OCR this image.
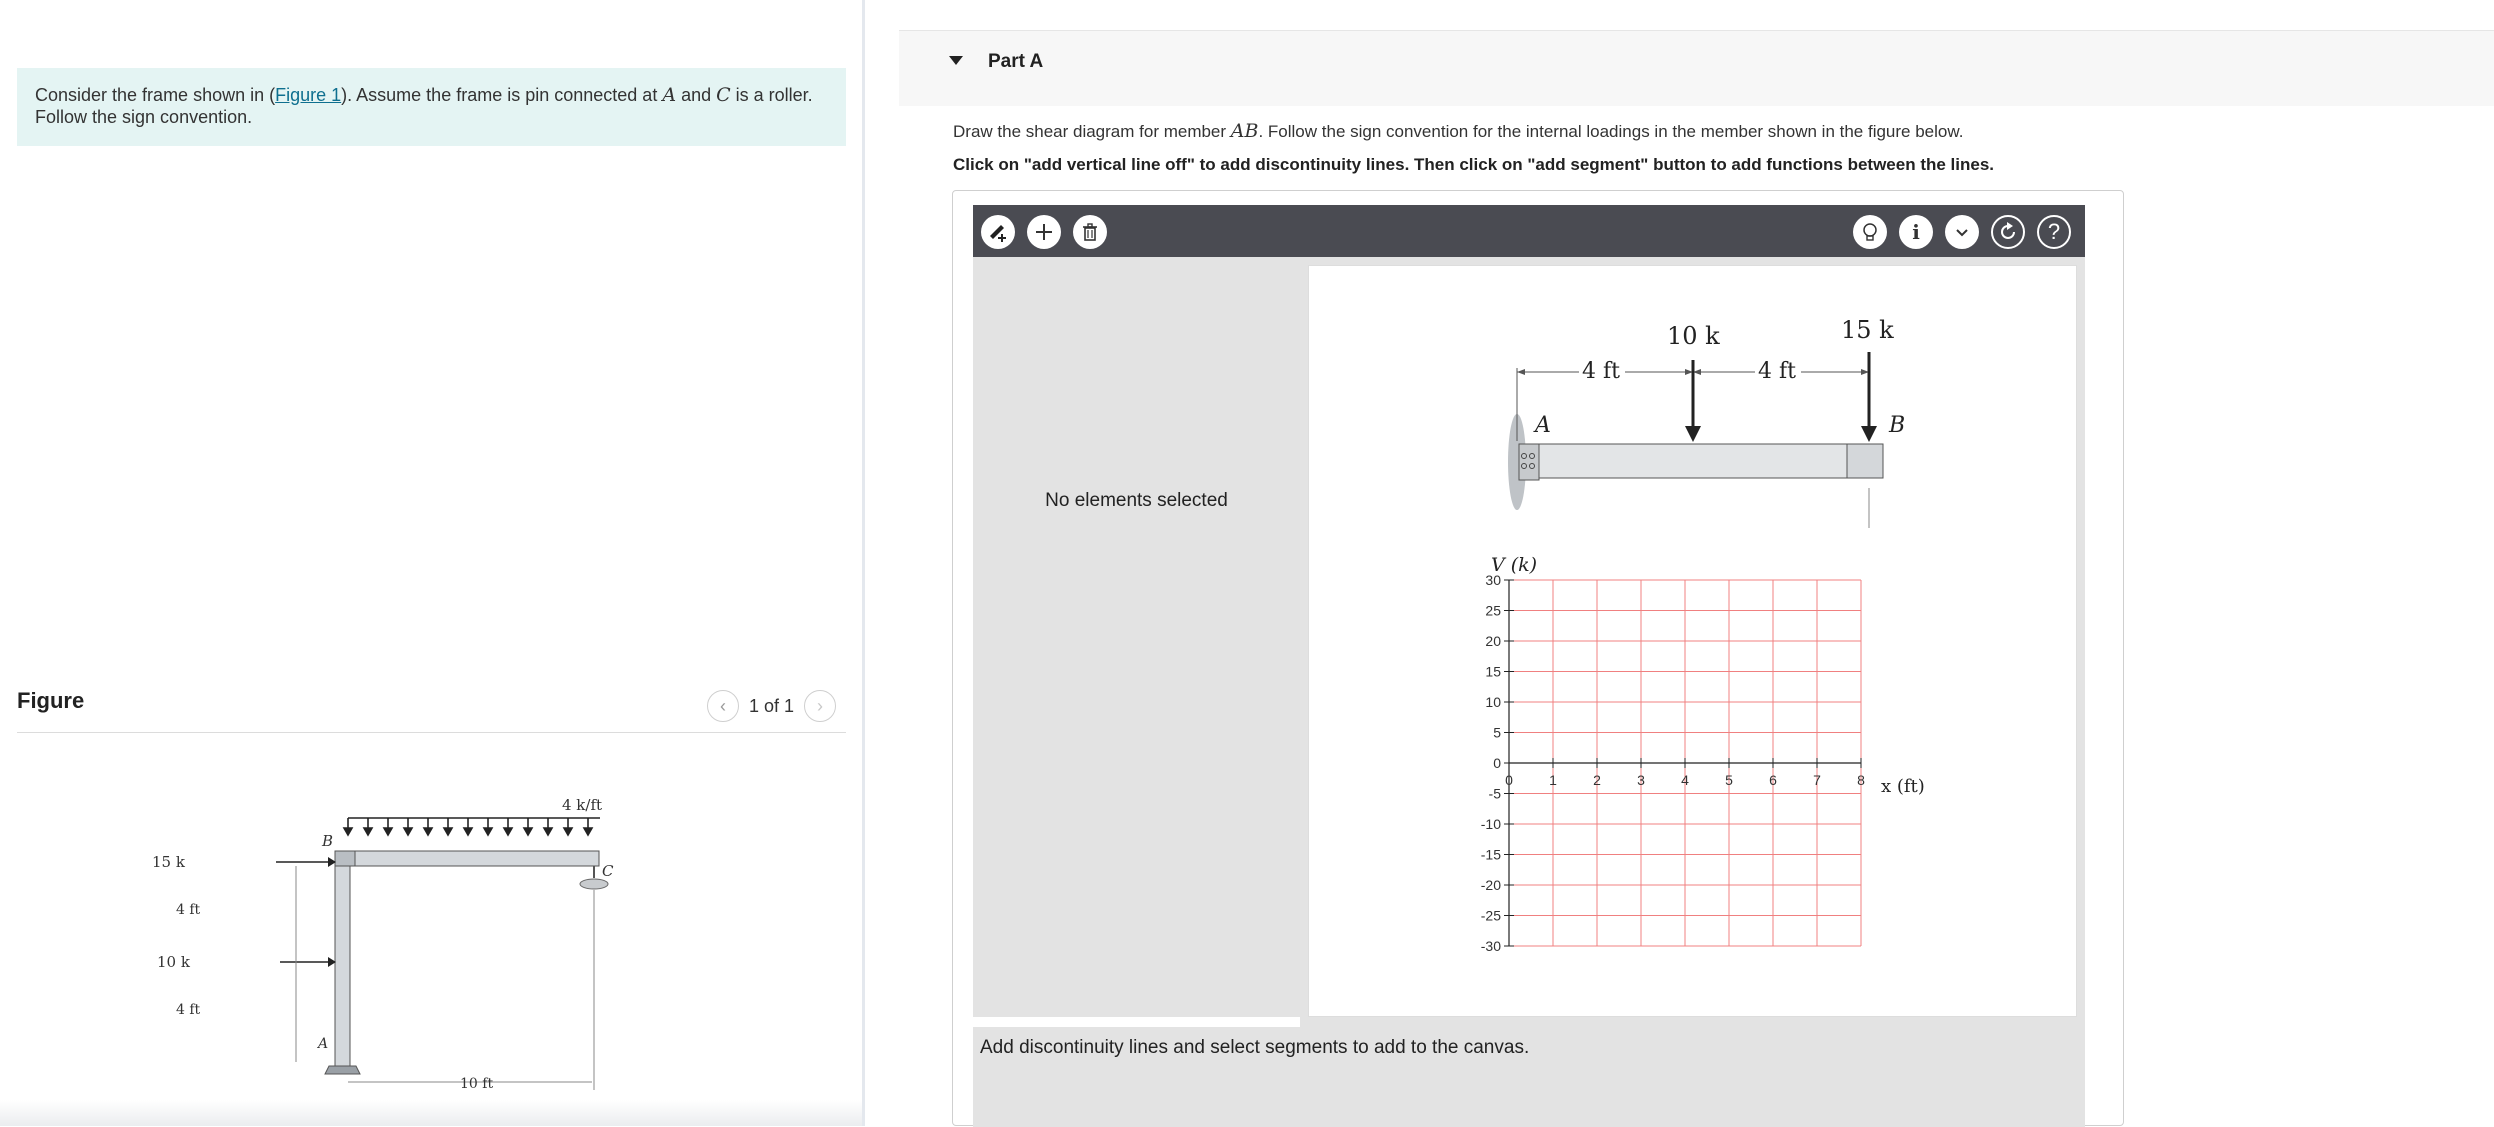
Consider the frame shown in (Figure 1). Assume the frame is pin connected at A and C is a roller.
Follow the sign convention.
Figure	‹ 1 of 1 ›
4 k/ft
B
C
15 k
10 k
4 ft
4 ft
A
10 ft
Part A
Draw the shear diagram for member AB. Follow the sign convention for the internal loadings in the member shown in the figure below.
Click on "add vertical line off" to add discontinuity lines. Then click on "add segment" button to add functions between the lines.
i	?
No elements selected
4 ft	4 ft
10 k	15 k
A	B
V (k)
x (ft)
30
25
20
15
10
5
0
-5
-10
-15
-20
-25
-30
0	1	2	3	4	5	6	7	8
Add discontinuity lines and select segments to add to the canvas.
